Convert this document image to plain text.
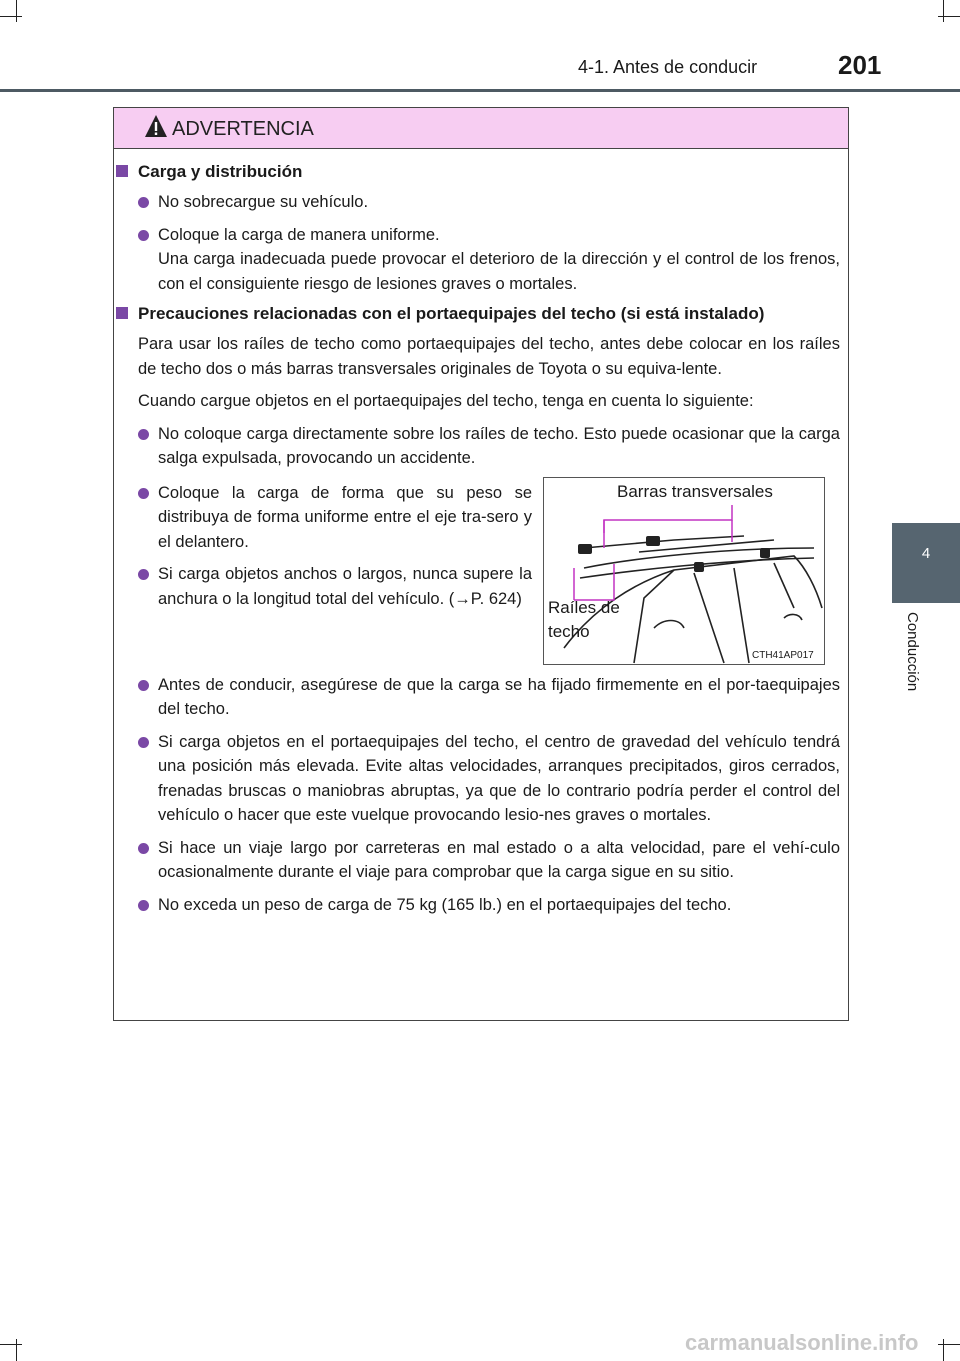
4-1. Antes de conducir	201
4
Conducción
ADVERTENCIA
Carga y distribución
No sobrecargue su vehículo.
Coloque la carga de manera uniforme.
Una carga inadecuada puede provocar el deterioro de la dirección y el control de los frenos, con el consiguiente riesgo de lesiones graves o mortales.
Precauciones relacionadas con el portaequipajes del techo (si está instalado)
Para usar los raíles de techo como portaequipajes del techo, antes debe colocar en los raíles de techo dos o más barras transversales originales de Toyota o su equiva-lente.
Cuando cargue objetos en el portaequipajes del techo, tenga en cuenta lo siguiente:
No coloque carga directamente sobre los raíles de techo. Esto puede ocasionar que la carga salga expulsada, provocando un accidente.
Coloque la carga de forma que su peso se distribuya de forma uniforme entre el eje tra-sero y el delantero.
Si carga objetos anchos o largos, nunca supere la anchura o la longitud total del vehículo. (→P. 624)
Barras transversales
Raíles de
techo
CTH41AP017
Antes de conducir, asegúrese de que la carga se ha fijado firmemente en el por-taequipajes del techo.
Si carga objetos en el portaequipajes del techo, el centro de gravedad del vehículo tendrá una posición más elevada. Evite altas velocidades, arranques precipitados, giros cerrados, frenadas bruscas o maniobras abruptas, ya que de lo contrario podría perder el control del vehículo o hacer que este vuelque provocando lesio-nes graves o mortales.
Si hace un viaje largo por carreteras en mal estado o a alta velocidad, pare el vehí-culo ocasionalmente durante el viaje para comprobar que la carga sigue en su sitio.
No exceda un peso de carga de 75 kg (165 lb.) en el portaequipajes del techo.
carmanualsonline.info
